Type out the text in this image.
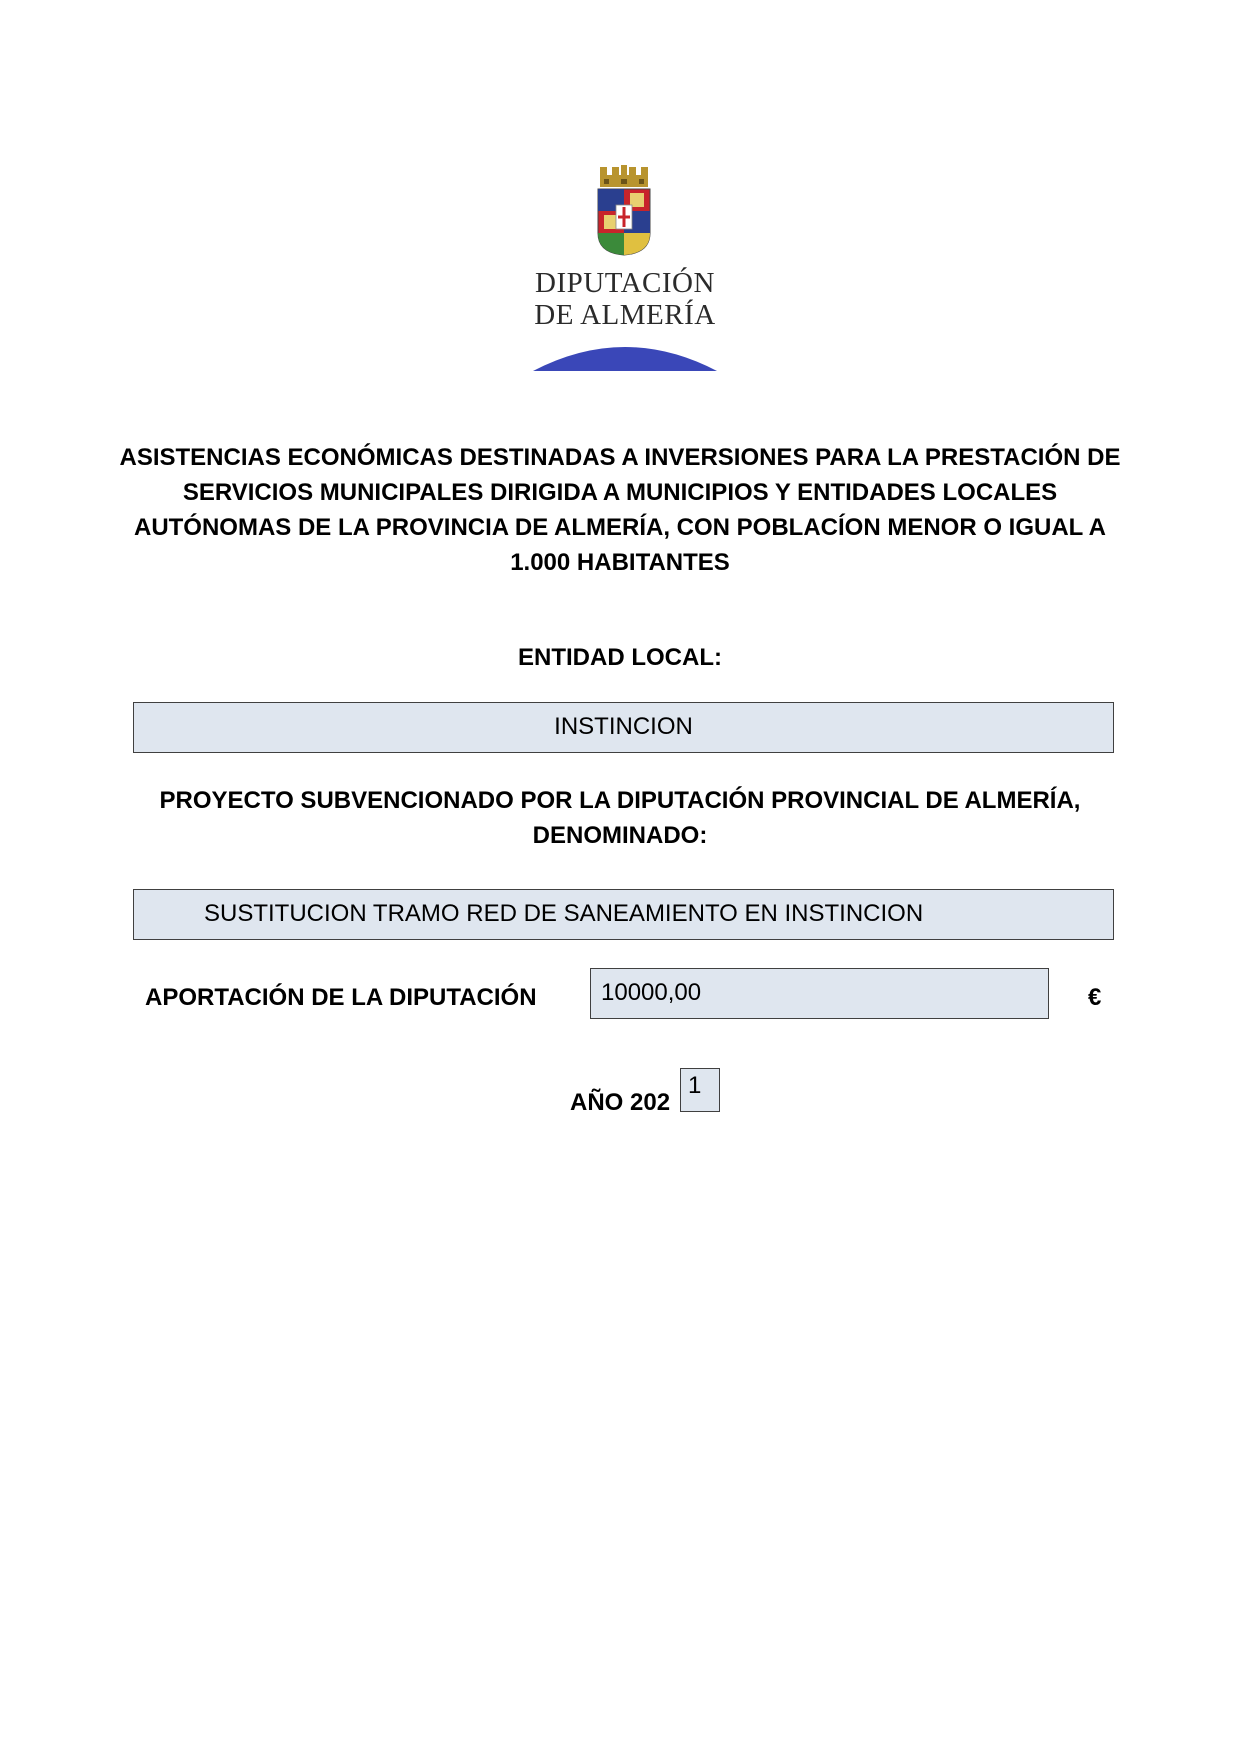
DIPUTACIÓN
DE ALMERÍA
ASISTENCIAS ECONÓMICAS DESTINADAS A INVERSIONES PARA LA PRESTACIÓN DE SERVICIOS MUNICIPALES DIRIGIDA A MUNICIPIOS Y ENTIDADES LOCALES AUTÓNOMAS DE LA PROVINCIA DE ALMERÍA, CON POBLACÍON MENOR O IGUAL A 1.000 HABITANTES
ENTIDAD LOCAL:
INSTINCION
PROYECTO SUBVENCIONADO POR LA DIPUTACIÓN PROVINCIAL DE ALMERÍA,
DENOMINADO:
SUSTITUCION TRAMO RED DE SANEAMIENTO EN INSTINCION
APORTACIÓN DE LA DIPUTACIÓN	10000,00	€
AÑO 202
1
